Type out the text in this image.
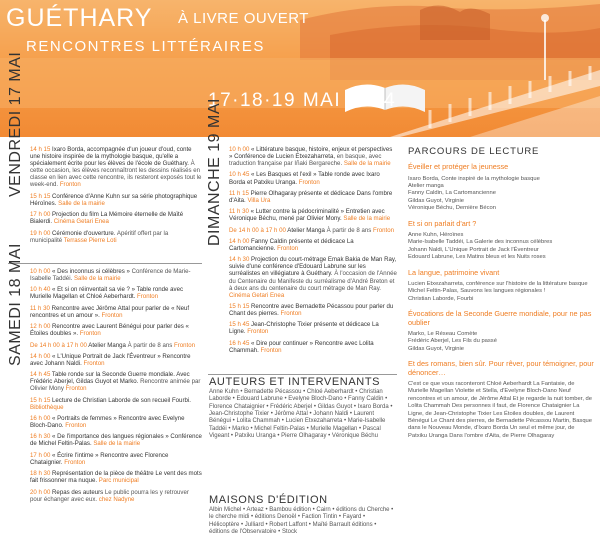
GUÉTHARY À LIVRE OUVERT
RENCONTRES LITTÉRAIRES
17·18·19 MAI 2024
VENDREDI 17 MAI 14 h 15 Ixaro Borda, accompagnée d'un joueur d'oud, conte une histoire inspirée de la mythologie basque, qu'elle a spécialement écrite pour les élèves de l'école de Guéthary. À cette occasion, les élèves reconnaîtront les dessins réalisés en classe en lien avec cette rencontre, ils resteront exposés tout le week-end. Fronton
15 h 15 Conférence d'Anne Kuhn sur sa série photographique Héroïnes. Salle de la mairie
17 h 00 Projection du film La Mémoire éternelle de Maïté Bialerdi. Cinéma Getari Enea
19 h 00 Cérémonie d'ouverture. Apéritif offert par la municipalité Terrasse Pierre Loti
SAMEDI 18 MAI 10 h 00 « Des inconnus si célèbres » Conférence de Marie-Isabelle Taddéi. Salle de la mairie
10 h 40 « Et si on réinventait sa vie ? » Table ronde avec Murielle Magellan et Chloé Aeberhardt. Fronton
11 h 30 Rencontre avec Jérôme Attal pour parler de « Neuf rencontres et un amour ». Fronton
12 h 00 Rencontre avec Laurent Bénégui pour parler des « Étoiles doubles ». Fronton
De 14 h 00 à 17 h 00 Atelier Manga À partir de 8 ans Fronton
14 h 00 « L'Unique Portrait de Jack l'Éventreur » Rencontre avec Johann Naldi. Fronton
14 h 45 Table ronde sur la Seconde Guerre mondiale. Avec Frédéric Aberjel, Gildas Guyot et Marko. Rencontre animée par Olivier Mony Fronton
15 h 15 Lecture de Christian Laborde de son recueil Fourbi. Bibliothèque
16 h 00 « Portraits de femmes » Rencontre avec Evelyne Bloch-Dano. Fronton
16 h 30 « De l'importance des langues régionales » Conférence de Michel Feltin-Palas. Salle de la mairie
17 h 00 « Écrire l'intime » Rencontre avec Florence Chataignier. Fronton
18 h 30 Représentation de la pièce de théâtre Le vent des mots fait frissonner ma nuque. Parc municipal
20 h 00 Repas des auteurs Le public pourra les y retrouver pour échanger avec eux. chez Nadyne
DIMANCHE 19 MAI 10 h 00 « Littérature basque, histoire, enjeux et perspectives » Conférence de Lucien Etxezaharreta, en basque, avec traduction française par Iñaki Bergareche. Salle de la mairie
10 h 45 « Les Basques et l'exil » Table ronde avec Ixaro Borda et Patxiku Uranga. Fronton
11 h 15 Pierre Olhagaray présente et dédicace Dans l'ombre d'Aita. Villa Ura
11 h 30 « Lutter contre la pédocriminalité » Entretien avec Véronique Béchu, mené par Olivier Mony. Salle de la mairie
De 14 h 00 à 17 h 00 Atelier Manga À partir de 8 ans Fronton
14 h 00 Fanny Caldin présente et dédicace La Cartomancienne. Fronton
14 h 30 Projection du court-métrage Emak Bakia de Man Ray, suivie d'une conférence d'Edouard Labrune sur les surréalistes en villégiature à Guéthary. À l'occasion de l'Année du Centenaire du Manifeste du surréalisme d'André Breton et à deux ans du centenaire du court métrage de Man Ray. Cinéma Getari Enea
15 h 15 Rencontre avec Bernadette Pécassou pour parler du Chant des pierres. Fronton
15 h 45 Jean-Christophe Tixier présente et dédicace La Ligne. Fronton
16 h 45 « Dire pour continuer » Rencontre avec Lolita Chammah. Fronton
AUTEURS ET INTERVENANTS
Anne Kuhn • Bernadette Pécassou • Chloé Aeberhardt • Christian Laborde • Edouard Labrune • Evelyne Bloch-Dano • Fanny Caldin • Florence Chataignier • Frédéric Aberjel • Gildas Guyot • Ixaro Borda • Jean-Christophe Tixier • Jérôme Attal • Johann Naldi • Laurent Bénégui • Lolita Chammah • Lucien Etxezaharreta • Marie-Isabelle Taddéi • Marko • Michel Feltin-Palas • Murielle Magellan • Pascal Vigeant • Patxiku Uranga • Pierre Olhagaray • Véronique Béchu
MAISONS D'ÉDITION
Albin Michel • Arteaz • Bambou édition • Cairn • éditions du Cherche • le cherche midi • éditions Denoël • Faction Tintin • Fayard • Hélicoptère • Julliard • Robert Laffont • Maïté Barrault éditions • éditions de l'Observatoire • Stock
PARCOURS DE LECTURE
Éveiller et protéger la jeunesse
Ixaro Borda, Conte inspiré de la mythologie basque
Atelier manga
Fanny Caldin, La Cartomancienne
Gildas Guyot, Virginie
Véronique Béchu, Dernière Bécon
Et si on parlait d'art ?
Anne Kuhn, Héroïnes
Marie-Isabelle Taddéi, La Galerie des inconnus célèbres
Johann Naldi, L'Unique Portrait de Jack l'Éventreur
Edouard Labrune, Les Matins bleus et les Nuits roses
La langue, patrimoine vivant
Lucien Etxezaharreta, conférence sur l'histoire de la littérature basque
Michel Feltin-Palas, Sauvons les langues régionales !
Christian Laborde, Fourbi
Évocations de la Seconde Guerre mondiale, pour ne pas oublier
Marko, Le Réseau Comète
Frédéric Aberjel, Les Fils du passé
Gildas Guyot, Virginie
Et des romans, bien sûr. Pour rêver, pour témoigner, pour dénoncer…
C'est ce que vous raconteront Chloé Aeberhardt La Fantaisie, de Murielle Magellan Violette et Stella, d'Evelyne Bloch-Dano Neuf rencontres et un amour, de Jérôme Attal Et je regarde la nuit tomber, de Lolita Chammah Des personnes il faut, de Florence Chataignier La Ligne, de Jean-Christophe Tixier Les Étoiles doubles, de Laurent Bénégui Le Chant des pierres, de Bernadette Pécassou Martin, Basque dans le Nouveau Monde, d'Ixaro Borda Un seul et même jour, de Patxiku Uranga Dans l'ombre d'Aita, de Pierre Olhagaray
